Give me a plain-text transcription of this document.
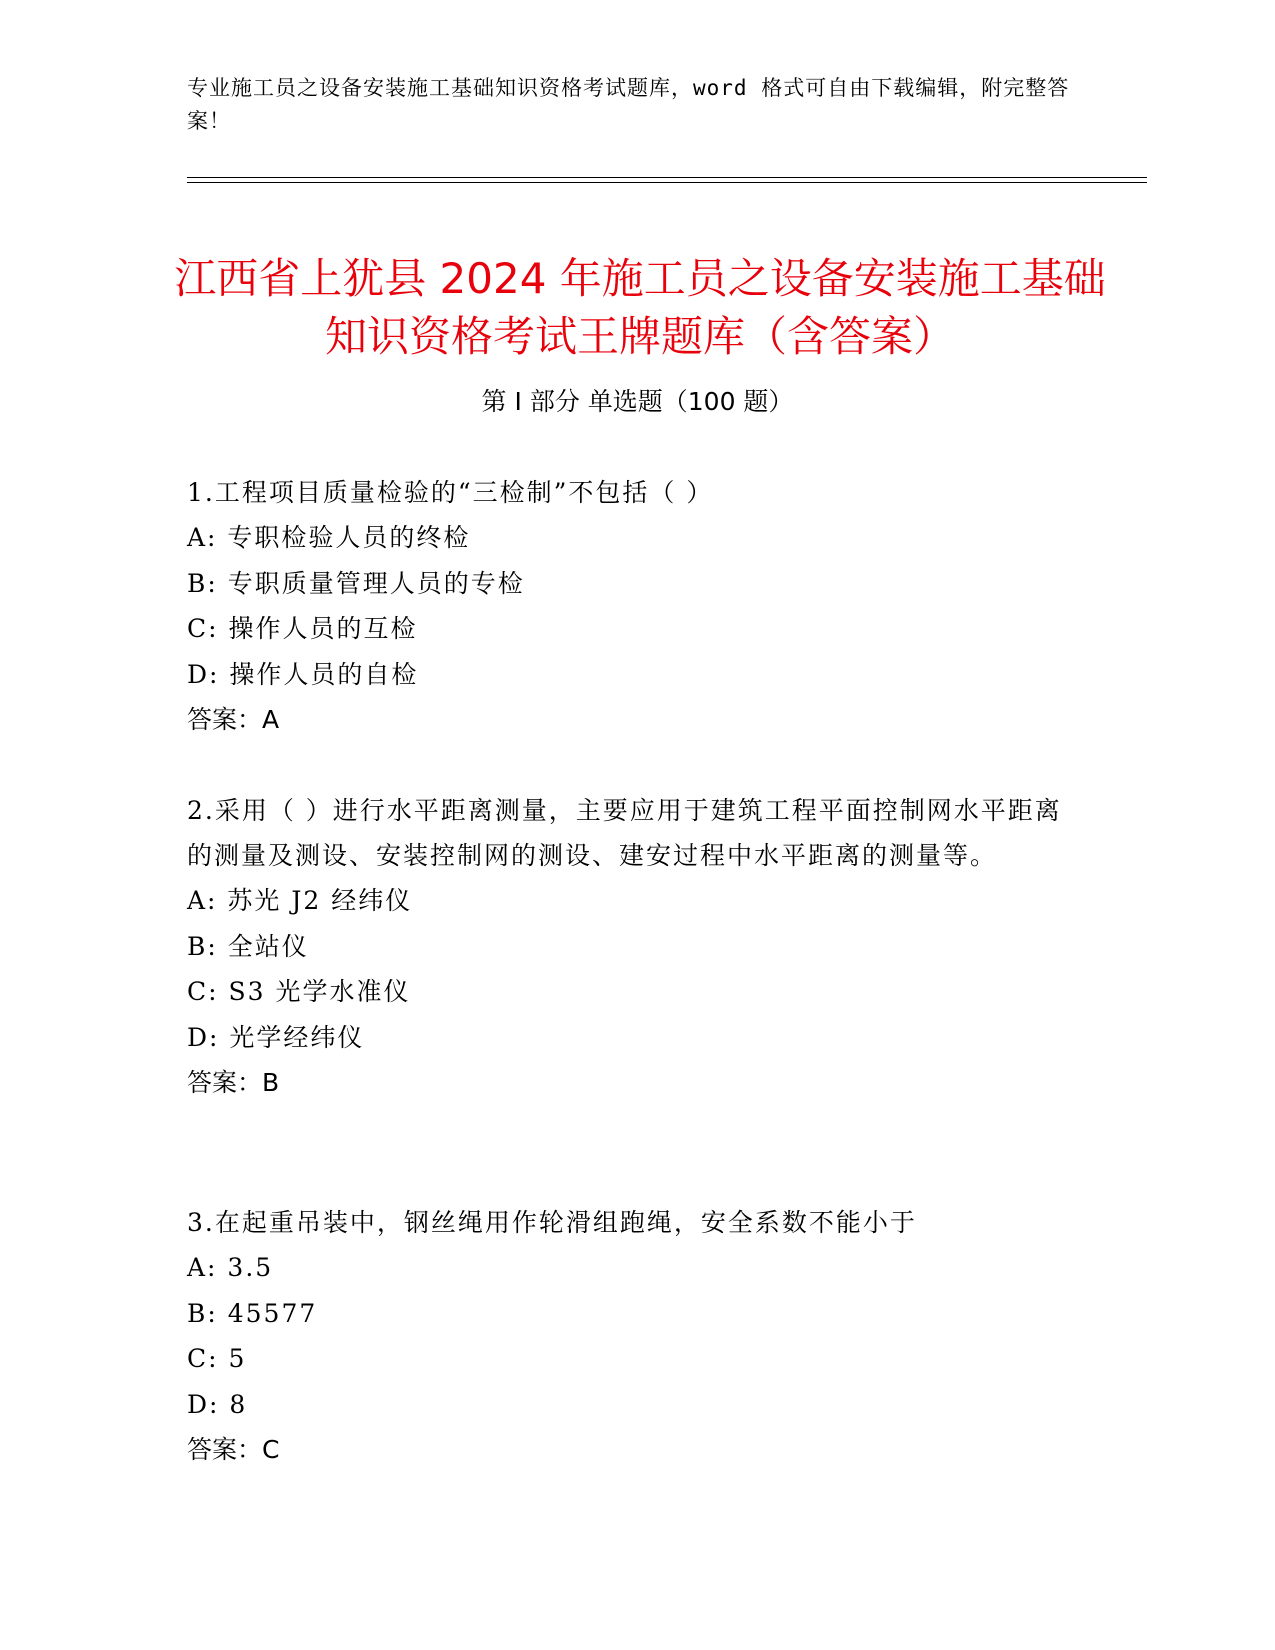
专业施工员之设备安装施工基础知识资格考试题库，word 格式可自由下载编辑，附完整答案！
江西省上犹县 2024 年施工员之设备安装施工基础知识资格考试王牌题库（含答案）
第 I 部分 单选题（100 题）

1.工程项目质量检验的“三检制”不包括（ ）

A: 专职检验人员的终检

B: 专职质量管理人员的专检

C: 操作人员的互检

D: 操作人员的自检

答案：A

2.采用（ ）进行水平距离测量，主要应用于建筑工程平面控制网水平距离的测量及测设、安装控制网的测设、建安过程中水平距离的测量等。

A: 苏光 J2 经纬仪

B: 全站仪

C: S3 光学水准仪

D: 光学经纬仪

答案：B

3.在起重吊装中，钢丝绳用作轮滑组跑绳，安全系数不能小于

A: 3.5

B: 45577

C: 5

D: 8

答案：C
